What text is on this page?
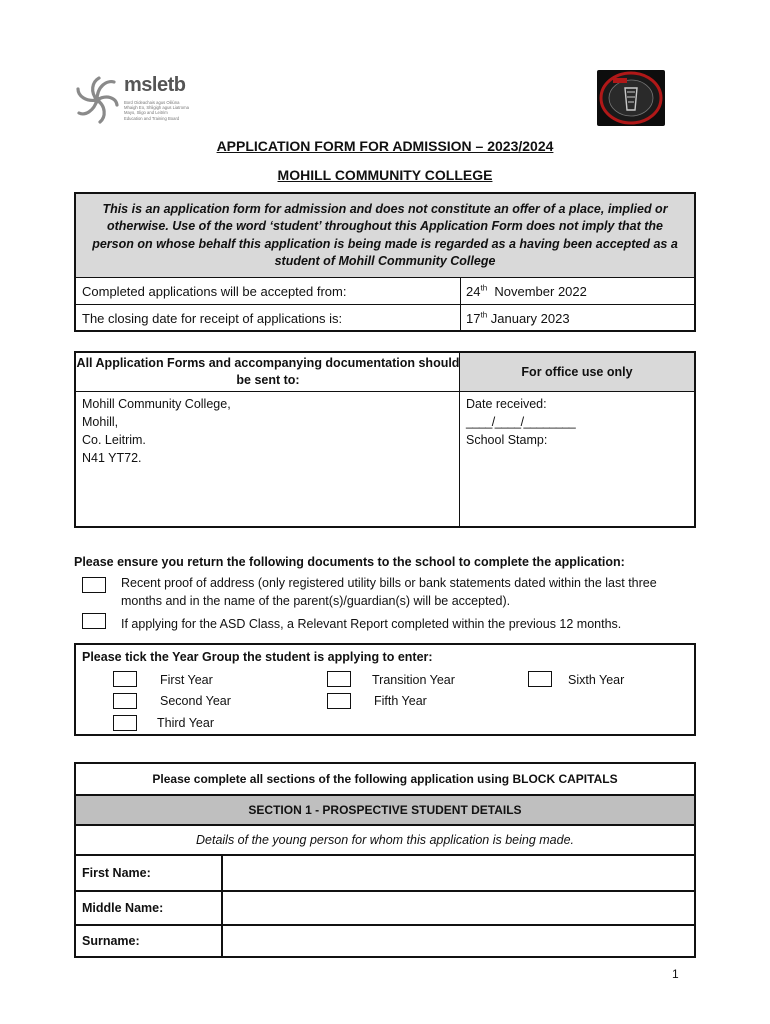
msletb
Bord Oideachais agus Oiliúna
Mhaigh Eo, Shligigh agus Liatroma
Mayo, Sligo and Leitrim
Education and Training Board
APPLICATION FORM FOR ADMISSION – 2023/2024
MOHILL COMMUNITY COLLEGE
This is an application form for admission and does not constitute an offer of a place, implied or otherwise. Use of the word ‘student’ throughout this Application Form does not imply that the person on whose behalf this application is being made is regarded as a having been accepted as a student of Mohill Community College
Completed applications will be accepted from:	24th November 2022
The closing date for receipt of applications is:	17th January 2023
All Application Forms and accompanying documentation should be sent to:
For office use only
Mohill Community College,
Mohill,
Co. Leitrim.
N41 YT72.
Date received:
____/____/________
School Stamp:
Please ensure you return the following documents to the school to complete the application:
Recent proof of address (only registered utility bills or bank statements dated within the last three months and in the name of the parent(s)/guardian(s) will be accepted).
If applying for the ASD Class, a Relevant Report completed within the previous 12 months.
Please tick the Year Group the student is applying to enter:
First Year
Second Year
Third Year
Transition Year
Fifth Year
Sixth Year
Please complete all sections of the following application using BLOCK CAPITALS
SECTION 1 - PROSPECTIVE STUDENT DETAILS
Details of the young person for whom this application is being made.
First Name:
Middle Name:
Surname:
1
